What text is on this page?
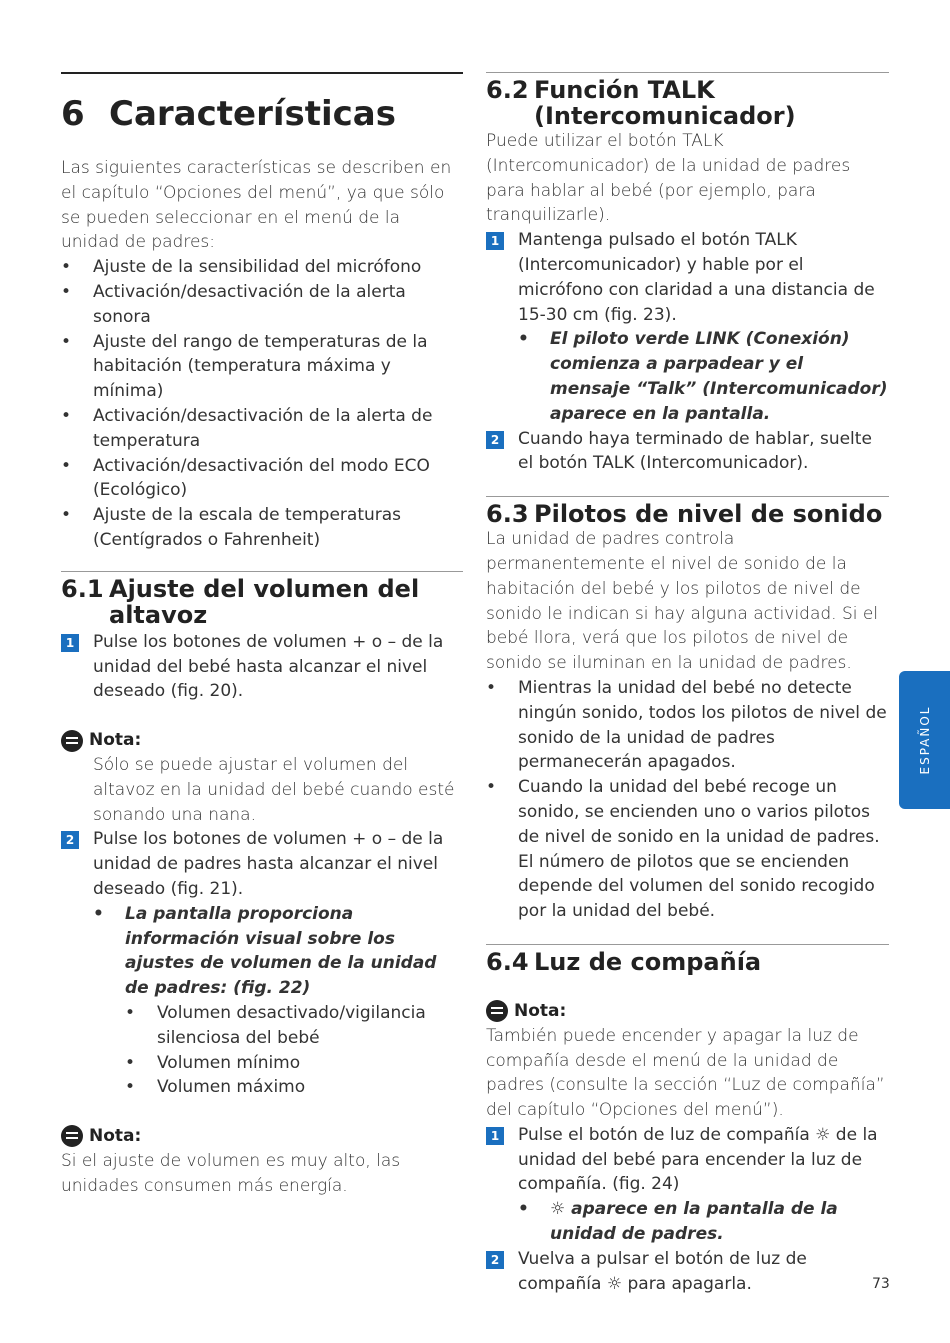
6 Características

Las siguientes características se describen en el capítulo “Opciones del menú”, ya que sólo se pueden seleccionar en el menú de la unidad de padres:

• Ajuste de la sensibilidad del micrófono
• Activación/desactivación de la alerta sonora
• Ajuste del rango de temperaturas de la habitación (temperatura máxima y mínima)
• Activación/desactivación de la alerta de temperatura
• Activación/desactivación del modo ECO (Ecológico)
• Ajuste de la escala de temperaturas (Centígrados o Fahrenheit)
6.1 Ajuste del volumen del altavoz
1 Pulse los botones de volumen + o – de la unidad del bebé hasta alcanzar el nivel deseado (fig. 20).
Nota:

Sólo se puede ajustar el volumen del altavoz en la unidad del bebé cuando esté sonando una nana.

2 Pulse los botones de volumen + o – de la unidad de padres hasta alcanzar el nivel deseado (fig. 21).
• La pantalla proporciona información visual sobre los ajustes de volumen de la unidad de padres: (fig. 22)
• Volumen desactivado/vigilancia silenciosa del bebé
• Volumen mínimo
• Volumen máximo
Nota:

Si el ajuste de volumen es muy alto, las unidades consumen más energía.

6.2 Función TALK (Intercomunicador)

Puede utilizar el botón TALK (Intercomunicador) de la unidad de padres para hablar al bebé (por ejemplo, para tranquilizarle).

1 Mantenga pulsado el botón TALK (Intercomunicador) y hable por el micrófono con claridad a una distancia de 15-30 cm (fig. 23).
• El piloto verde LINK (Conexión) comienza a parpadear y el mensaje “Talk” (Intercomunicador) aparece en la pantalla.
2 Cuando haya terminado de hablar, suelte el botón TALK (Intercomunicador).
6.3 Pilotos de nivel de sonido

La unidad de padres controla permanentemente el nivel de sonido de la habitación del bebé y los pilotos de nivel de sonido le indican si hay alguna actividad. Si el bebé llora, verá que los pilotos de nivel de sonido se iluminan en la unidad de padres.

• Mientras la unidad del bebé no detecte ningún sonido, todos los pilotos de nivel de sonido de la unidad de padres permanecerán apagados.
• Cuando la unidad del bebé recoge un sonido, se encienden uno o varios pilotos de nivel de sonido en la unidad de padres. El número de pilotos que se encienden depende del volumen del sonido recogido por la unidad del bebé.
6.4 Luz de compañía
Nota:

También puede encender y apagar la luz de compañía desde el menú de la unidad de padres (consulte la sección “Luz de compañía” del capítulo “Opciones del menú”).

1 Pulse el botón de luz de compañía ☼ de la unidad del bebé para encender la luz de compañía. (fig. 24)
• ☼ aparece en la pantalla de la unidad de padres.
2 Vuelva a pulsar el botón de luz de compañía ☼ para apagarla.
ESPAÑOL
73
